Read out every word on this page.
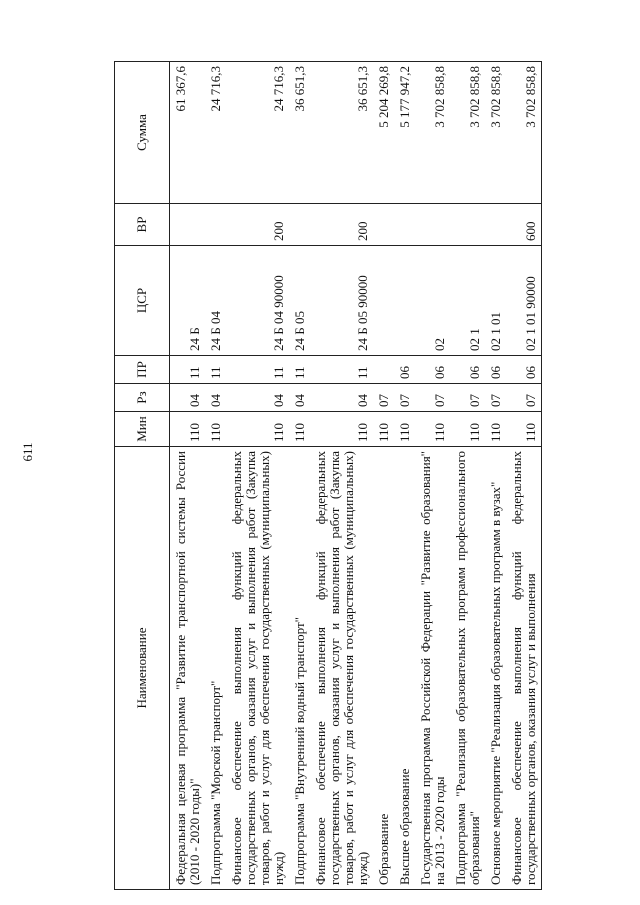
611
Наименование	Мин	Рз	ПР	ЦСР	ВР	Сумма
Федеральная целевая программа "Развитие транспортной системы России (2010 - 2020 годы)"	110	04	11	24 Б		61 367,6
Подпрограмма "Морской транспорт"	110	04	11	24 Б 04		24 716,3
Финансовое обеспечение выполнения функций федеральных государственных органов, оказания услуг и выполнения работ (Закупка товаров, работ и услуг для обеспечения государственных (муниципальных) нужд)	110	04	11	24 Б 04 90000	200	24 716,3
Подпрограмма "Внутренний водный транспорт"	110	04	11	24 Б 05		36 651,3
Финансовое обеспечение выполнения функций федеральных государственных органов, оказания услуг и выполнения работ (Закупка товаров, работ и услуг для обеспечения государственных (муниципальных) нужд)	110	04	11	24 Б 05 90000	200	36 651,3
Образование	110	07				5 204 269,8
Высшее образование	110	07	06			5 177 947,2
Государственная программа Российской Федерации "Развитие образования" на 2013 - 2020 годы	110	07	06	02		3 702 858,8
Подпрограмма "Реализация образовательных программ профессионального образования"	110	07	06	02 1		3 702 858,8
Основное мероприятие "Реализация образовательных программ в вузах"	110	07	06	02 1 01		3 702 858,8
Финансовое обеспечение выполнения функций федеральных государственных органов, оказания услуг и выполнения	110	07	06	02 1 01 90000	600	3 702 858,8
